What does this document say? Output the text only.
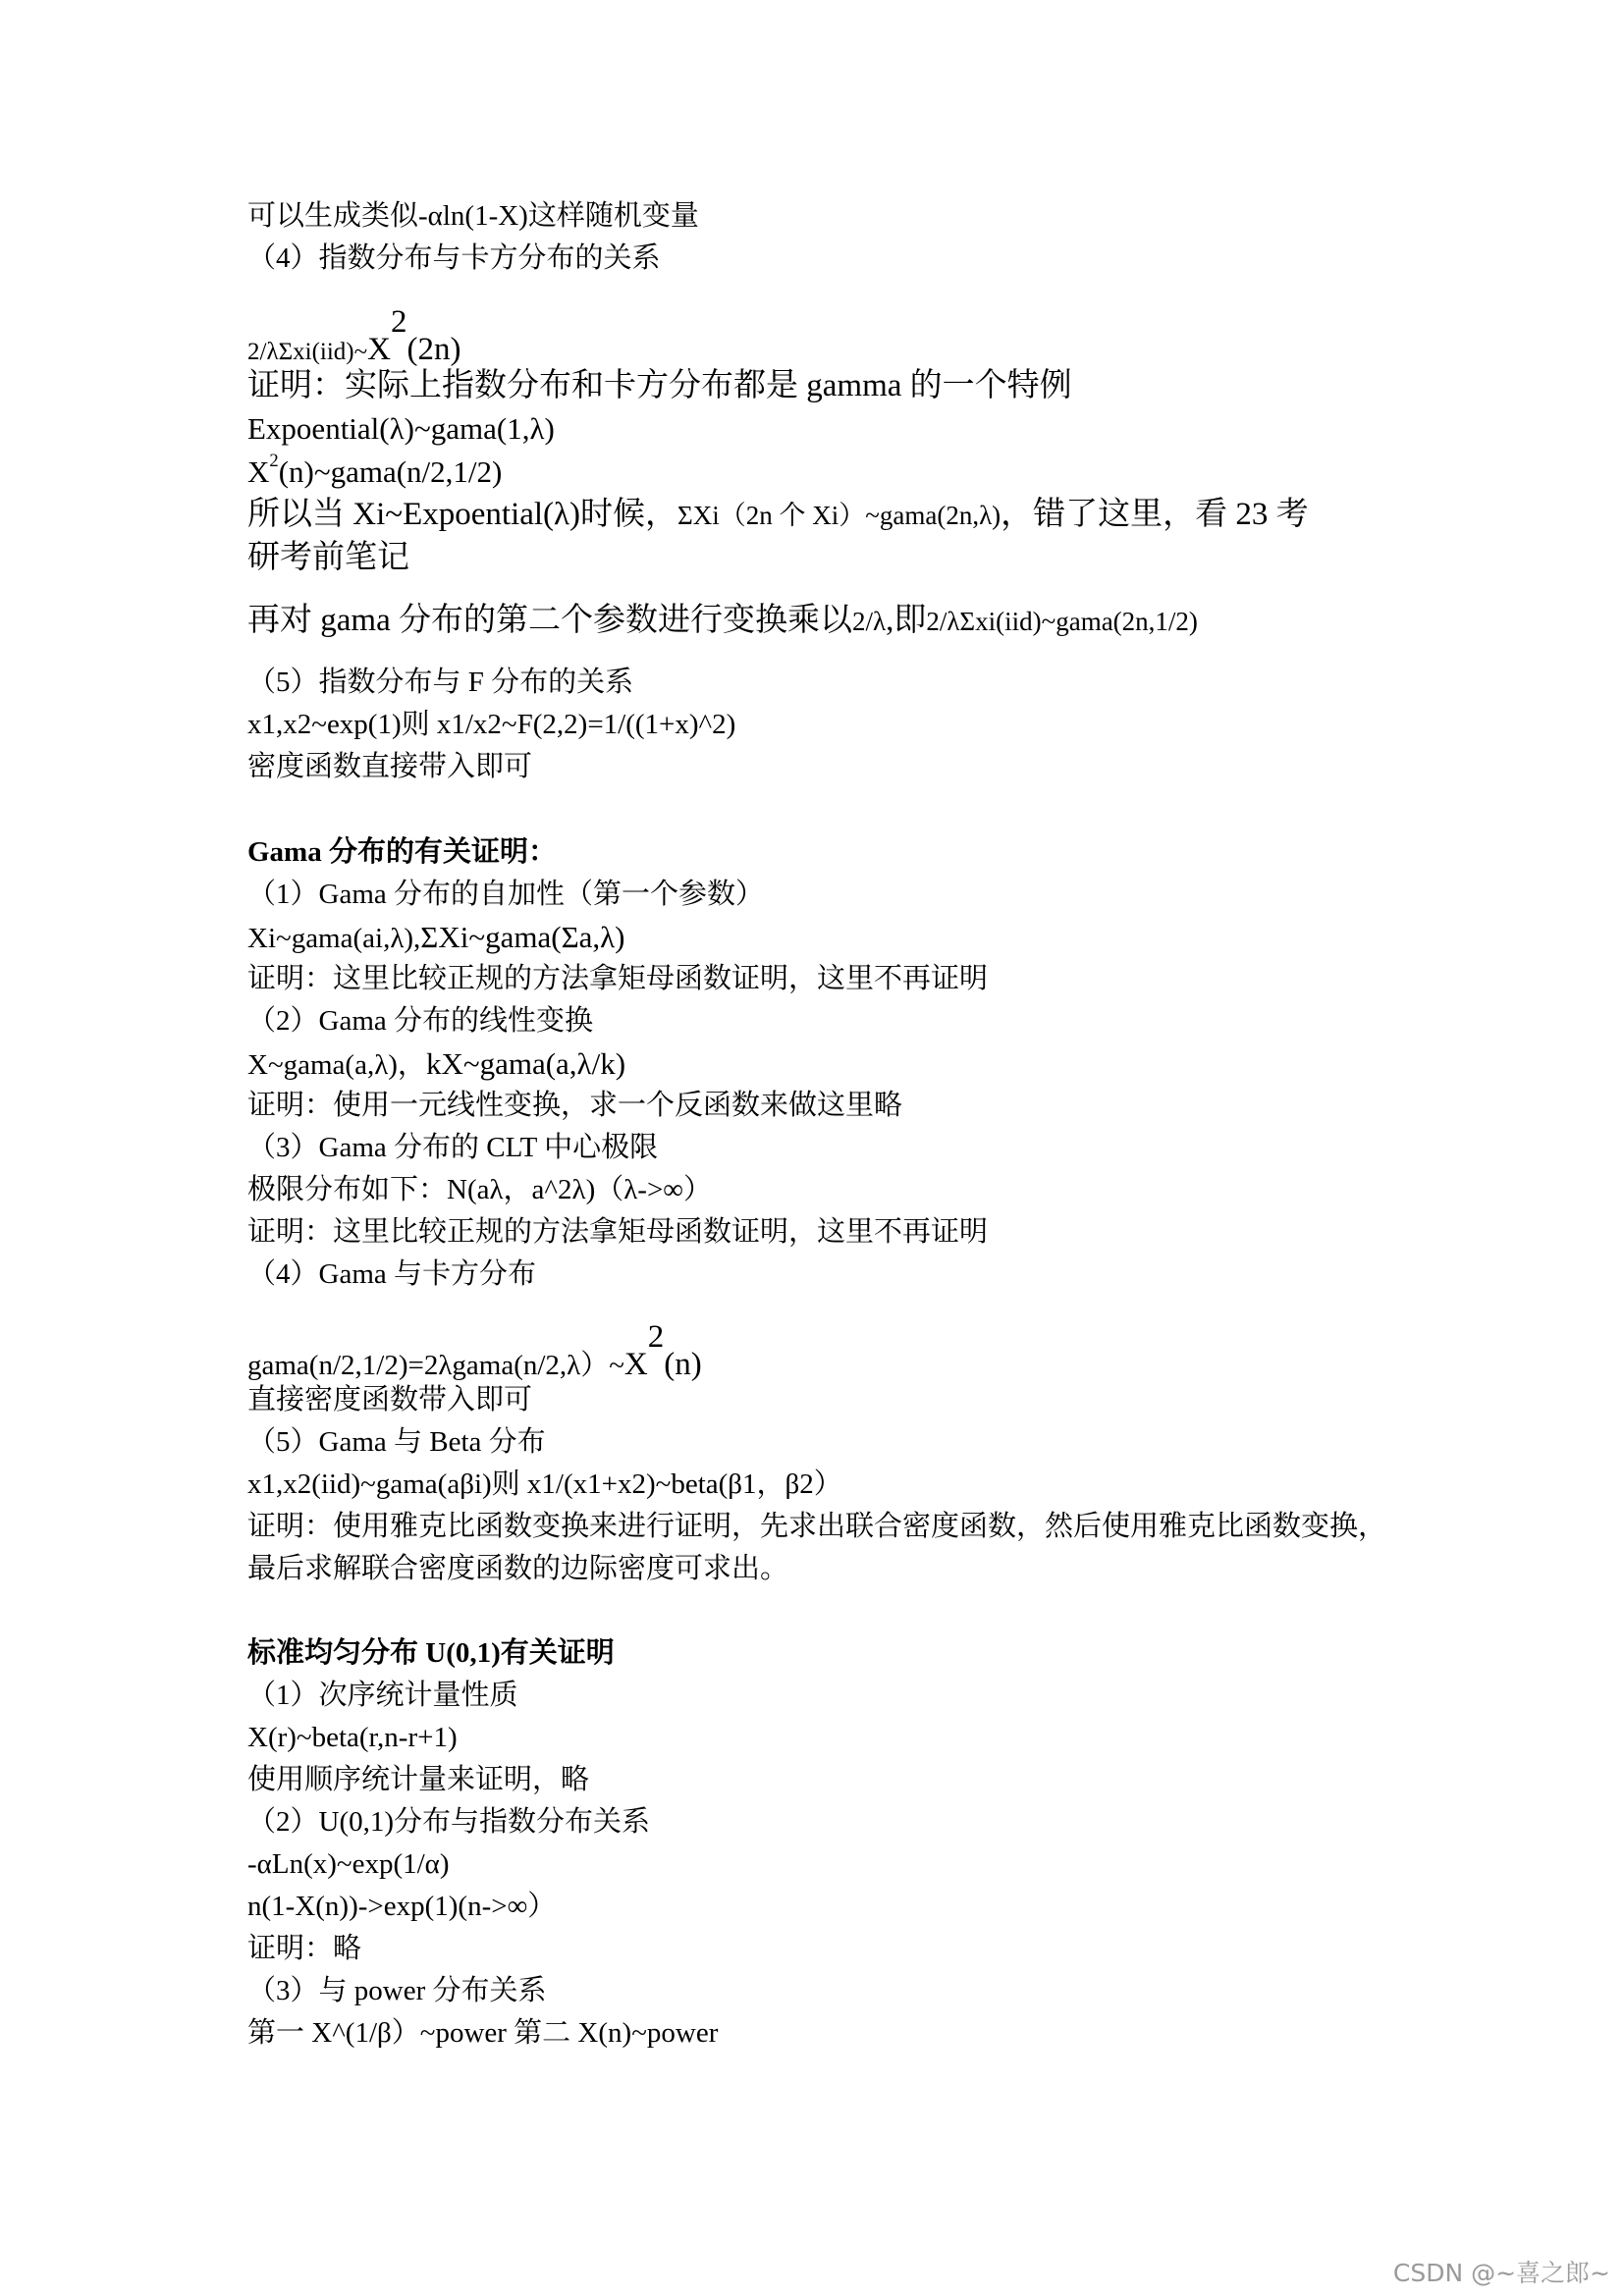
可以生成类似-αln(1-X)这样随机变量
（4）指数分布与卡方分布的关系
$2/\lambda\Sigma xi(iid)\sim X^2(2n)$
证明：实际上指数分布和卡方分布都是 gamma 的一个特例
Expoential(λ)~gama(1,λ)
$X^2(n)\sim gama(n/2,1/2)$
所以当 Xi~Expoential(λ)时候，ΣXi（2n 个 Xi）~gama(2n,λ)，错了这里，看 23 考
研考前笔记
再对 gama 分布的第二个参数进行变换乘以2/λ,即2/λΣxi(iid)~gama(2n,1/2)
（5）指数分布与 F 分布的关系
x1,x2~exp(1)则 x1/x2~F(2,2)=1/((1+x)^2)
密度函数直接带入即可
Gama 分布的有关证明：
（1）Gama 分布的自加性（第一个参数）
Xi~gama(ai,λ),ΣXi~gama(Σa,λ)
证明：这里比较正规的方法拿矩母函数证明，这里不再证明
（2）Gama 分布的线性变换
X~gama(a,λ)，kX~gama(a,λ/k)
证明：使用一元线性变换，求一个反函数来做这里略
（3）Gama 分布的 CLT 中心极限
极限分布如下：N(aλ，a^2λ)（λ->∞）
证明：这里比较正规的方法拿矩母函数证明，这里不再证明
（4）Gama 与卡方分布
$gama(n/2,1/2)=2\lambda gama(n/2,\lambda)\sim X^2(n)$
直接密度函数带入即可
（5）Gama 与 Beta 分布
x1,x2(iid)~gama(aβi)则 x1/(x1+x2)~beta(β1，β2）
证明：使用雅克比函数变换来进行证明，先求出联合密度函数，然后使用雅克比函数变换，
最后求解联合密度函数的边际密度可求出。
标准均匀分布 U(0,1)有关证明
（1）次序统计量性质
X(r)~beta(r,n-r+1)
使用顺序统计量来证明，略
（2）U(0,1)分布与指数分布关系
-αLn(x)~exp(1/α)
n(1-X(n))->exp(1)(n->∞）
证明：略
（3）与 power 分布关系
第一 X^(1/β）~power 第二 X(n)~power
CSDN @~喜之郎~
